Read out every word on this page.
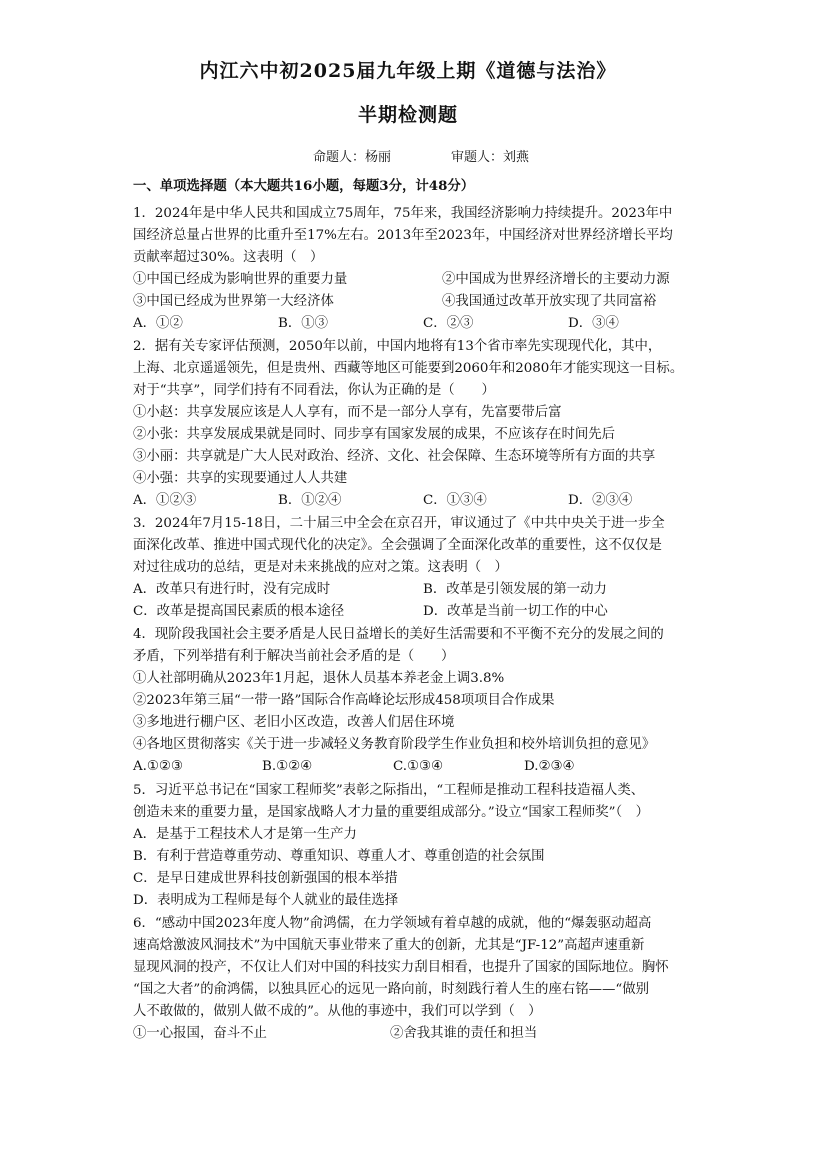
内江六中初2025届九年级上期《道德与法治》
半期检测题
命题人：杨丽	审题人：刘燕
一、单项选择题（本大题共16小题，每题3分，计48分）
1．2024年是中华人民共和国成立75周年，75年来，我国经济影响力持续提升。2023年中
国经济总量占世界的比重升至17%左右。2013年至2023年，中国经济对世界经济增长平均
贡献率超过30%。这表明（　）
①中国已经成为影响世界的重要力量	②中国成为世界经济增长的主要动力源
③中国已经成为世界第一大经济体	④我国通过改革开放实现了共同富裕
A．①②	B．①③	C．②③	D．③④
2．据有关专家评估预测，2050年以前，中国内地将有13个省市率先实现现代化，其中，
上海、北京遥遥领先，但是贵州、西藏等地区可能要到2060年和2080年才能实现这一目标。
对于“共享”，同学们持有不同看法，你认为正确的是（　　）
①小赵：共享发展应该是人人享有，而不是一部分人享有，先富要带后富
②小张：共享发展成果就是同时、同步享有国家发展的成果，不应该存在时间先后
③小丽：共享就是广大人民对政治、经济、文化、社会保障、生态环境等所有方面的共享
④小强：共享的实现要通过人人共建
A．①②③	B．①②④	C．①③④	D．②③④
3．2024年7月15-18日，二十届三中全会在京召开，审议通过了《中共中央关于进一步全
面深化改革、推进中国式现代化的决定》。全会强调了全面深化改革的重要性，这不仅仅是
对过往成功的总结，更是对未来挑战的应对之策。这表明（　）
A．改革只有进行时，没有完成时	B．改革是引领发展的第一动力
C．改革是提高国民素质的根本途径	D．改革是当前一切工作的中心
4．现阶段我国社会主要矛盾是人民日益增长的美好生活需要和不平衡不充分的发展之间的
矛盾，下列举措有利于解决当前社会矛盾的是（　　）
①人社部明确从2023年1月起，退休人员基本养老金上调3.8%
②2023年第三届“一带一路”国际合作高峰论坛形成458项项目合作成果
③多地进行棚户区、老旧小区改造，改善人们居住环境
④各地区贯彻落实《关于进一步减轻义务教育阶段学生作业负担和校外培训负担的意见》
A.①②③	B.①②④	C.①③④	D.②③④
5．习近平总书记在“国家工程师奖”表彰之际指出，“工程师是推动工程科技造福人类、
创造未来的重要力量，是国家战略人才力量的重要组成部分。”设立“国家工程师奖”（　）
A．是基于工程技术人才是第一生产力
B．有利于营造尊重劳动、尊重知识、尊重人才、尊重创造的社会氛围
C．是早日建成世界科技创新强国的根本举措
D．表明成为工程师是每个人就业的最佳选择
6．“感动中国2023年度人物”俞鸿儒，在力学领域有着卓越的成就，他的“爆轰驱动超高
速高焓激波风洞技术”为中国航天事业带来了重大的创新，尤其是“JF-12”高超声速重新
显现风洞的投产，不仅让人们对中国的科技实力刮目相看，也提升了国家的国际地位。胸怀
“国之大者”的俞鸿儒，以独具匠心的远见一路向前，时刻践行着人生的座右铭——“做别
人不敢做的，做别人做不成的”。从他的事迹中，我们可以学到（　）
①一心报国，奋斗不止	②舍我其谁的责任和担当
